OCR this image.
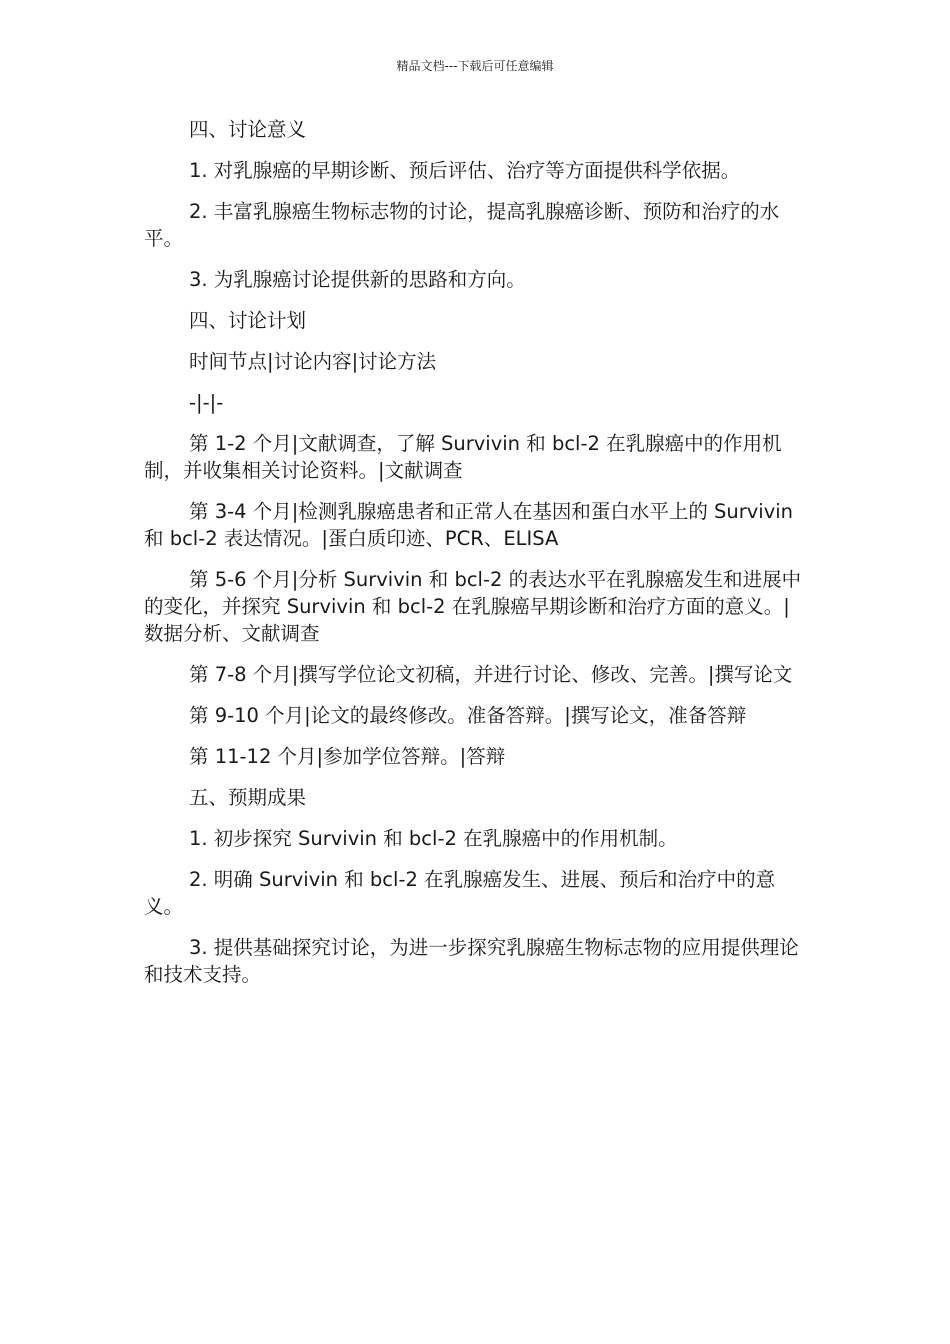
精品文档---下载后可任意编辑

四、讨论意义

1. 对乳腺癌的早期诊断、预后评估、治疗等方面提供科学依据。

2. 丰富乳腺癌生物标志物的讨论，提高乳腺癌诊断、预防和治疗的水平。

3. 为乳腺癌讨论提供新的思路和方向。

四、讨论计划

时间节点|讨论内容|讨论方法

-|-|-

第 1-2 个月|文献调查，了解 Survivin 和 bcl-2 在乳腺癌中的作用机制，并收集相关讨论资料。|文献调查

第 3-4 个月|检测乳腺癌患者和正常人在基因和蛋白水平上的 Survivin 和 bcl-2 表达情况。|蛋白质印迹、PCR、ELISA

第 5-6 个月|分析 Survivin 和 bcl-2 的表达水平在乳腺癌发生和进展中的变化，并探究 Survivin 和 bcl-2 在乳腺癌早期诊断和治疗方面的意义。|数据分析、文献调查

第 7-8 个月|撰写学位论文初稿，并进行讨论、修改、完善。|撰写论文

第 9-10 个月|论文的最终修改。准备答辩。|撰写论文，准备答辩

第 11-12 个月|参加学位答辩。|答辩

五、预期成果

1. 初步探究 Survivin 和 bcl-2 在乳腺癌中的作用机制。

2. 明确 Survivin 和 bcl-2 在乳腺癌发生、进展、预后和治疗中的意义。

3. 提供基础探究讨论，为进一步探究乳腺癌生物标志物的应用提供理论和技术支持。
